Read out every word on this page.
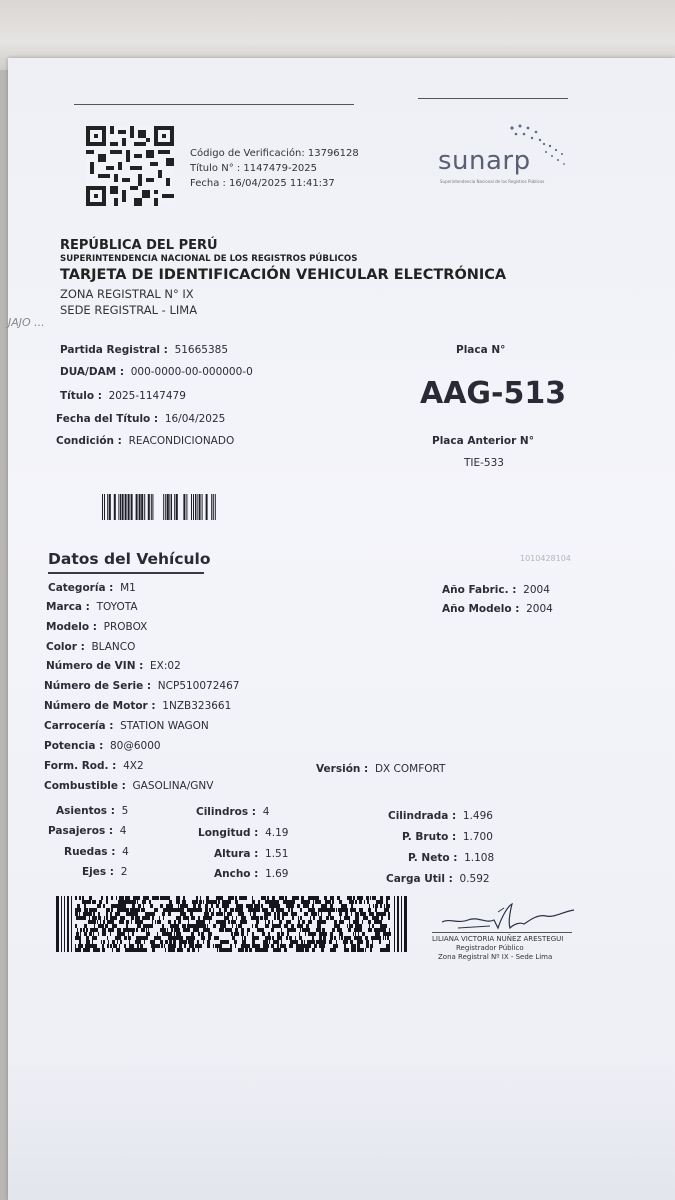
Código de Verificación: 13796128
Título N° : 1147479-2025
Fecha : 16/04/2025 11:41:37
sunarp
Superintendencia Nacional de los Registros Públicos
REPÚBLICA DEL PERÚ
SUPERINTENDENCIA NACIONAL DE LOS REGISTROS PÚBLICOS
TARJETA DE IDENTIFICACIÓN VEHICULAR ELECTRÓNICA
ZONA REGISTRAL N° IX
SEDE REGISTRAL - LIMA
JAJO ...
Partida Registral : 51665385
DUA/DAM : 000-0000-00-000000-0
Título : 2025-1147479
Fecha del Título : 16/04/2025
Condición : REACONDICIONADO
Placa N°
AAG-513
Placa Anterior N°
TIE-533
Datos del Vehículo	1010428104
Categoría : M1
Marca : TOYOTA
Modelo : PROBOX
Color : BLANCO
Número de VIN : EX:02
Número de Serie : NCP510072467
Número de Motor : 1NZB323661
Carrocería : STATION WAGON
Potencia : 80@6000
Form. Rod. : 4X2
Combustible : GASOLINA/GNV
Versión : DX COMFORT
Año Fabric. : 2004
Año Modelo : 2004
Asientos : 5
Pasajeros : 4
Ruedas : 4
Ejes : 2
Cilindros : 4
Longitud : 4.19
Altura : 1.51
Ancho : 1.69
Cilindrada : 1.496
P. Bruto : 1.700
P. Neto : 1.108
Carga Util : 0.592
LILIANA VICTORIA NUÑEZ ARESTEGUI
Registrador Público
Zona Registral Nº IX - Sede Lima
